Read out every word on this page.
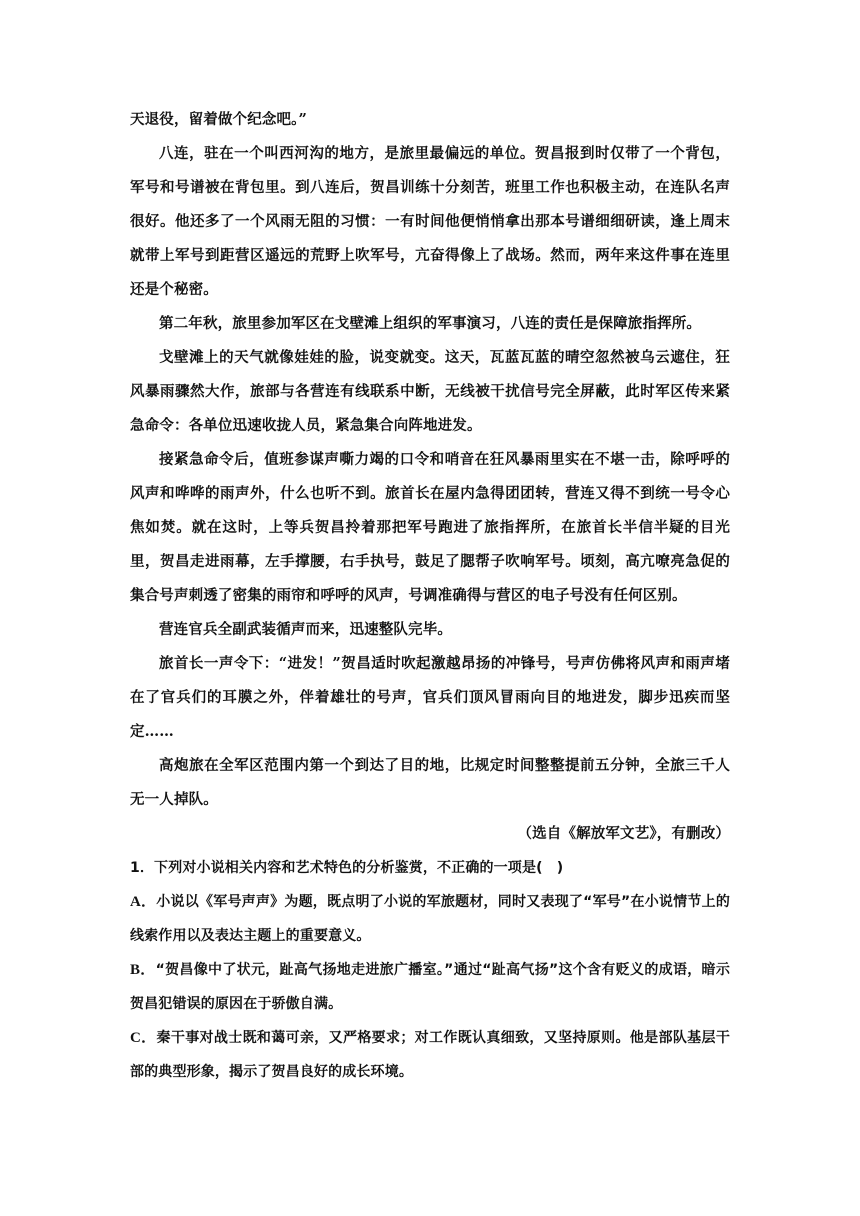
天退役，留着做个纪念吧。”

八连，驻在一个叫西河沟的地方，是旅里最偏远的单位。贺昌报到时仅带了一个背包，军号和号谱被在背包里。到八连后，贺昌训练十分刻苦，班里工作也积极主动，在连队名声很好。他还多了一个风雨无阻的习惯：一有时间他便悄悄拿出那本号谱细细研读，逢上周末就带上军号到距营区遥远的荒野上吹军号，亢奋得像上了战场。然而，两年来这件事在连里还是个秘密。

第二年秋，旅里参加军区在戈壁滩上组织的军事演习，八连的责任是保障旅指挥所。

戈壁滩上的天气就像娃娃的脸，说变就变。这天，瓦蓝瓦蓝的晴空忽然被乌云遮住，狂风暴雨骤然大作，旅部与各营连有线联系中断，无线被干扰信号完全屏蔽，此时军区传来紧急命令：各单位迅速收拢人员，紧急集合向阵地进发。

接紧急命令后，值班参谋声嘶力竭的口令和哨音在狂风暴雨里实在不堪一击，除呼呼的风声和哗哗的雨声外，什么也听不到。旅首长在屋内急得团团转，营连又得不到统一号令心焦如焚。就在这时，上等兵贺昌拎着那把军号跑进了旅指挥所，在旅首长半信半疑的目光里，贺昌走进雨幕，左手撑腰，右手执号，鼓足了腮帮子吹响军号。顷刻，高亢嘹亮急促的集合号声刺透了密集的雨帘和呼呼的风声，号调准确得与营区的电子号没有任何区别。

营连官兵全副武装循声而来，迅速整队完毕。

旅首长一声令下：“进发！”贺昌适时吹起激越昂扬的冲锋号，号声仿佛将风声和雨声堵在了官兵们的耳膜之外，伴着雄壮的号声，官兵们顶风冒雨向目的地进发，脚步迅疾而坚定……

高炮旅在全军区范围内第一个到达了目的地，比规定时间整整提前五分钟，全旅三千人无一人掉队。

（选自《解放军文艺》，有删改）

1．下列对小说相关内容和艺术特色的分析鉴赏，不正确的一项是(　)

A．小说以《军号声声》为题，既点明了小说的军旅题材，同时又表现了“军号”在小说情节上的线索作用以及表达主题上的重要意义。

B．“贺昌像中了状元，趾高气扬地走进旅广播室。”通过“趾高气扬”这个含有贬义的成语，暗示贺昌犯错误的原因在于骄傲自满。

C．秦干事对战士既和蔼可亲，又严格要求；对工作既认真细致，又坚持原则。他是部队基层干部的典型形象，揭示了贺昌良好的成长环境。
